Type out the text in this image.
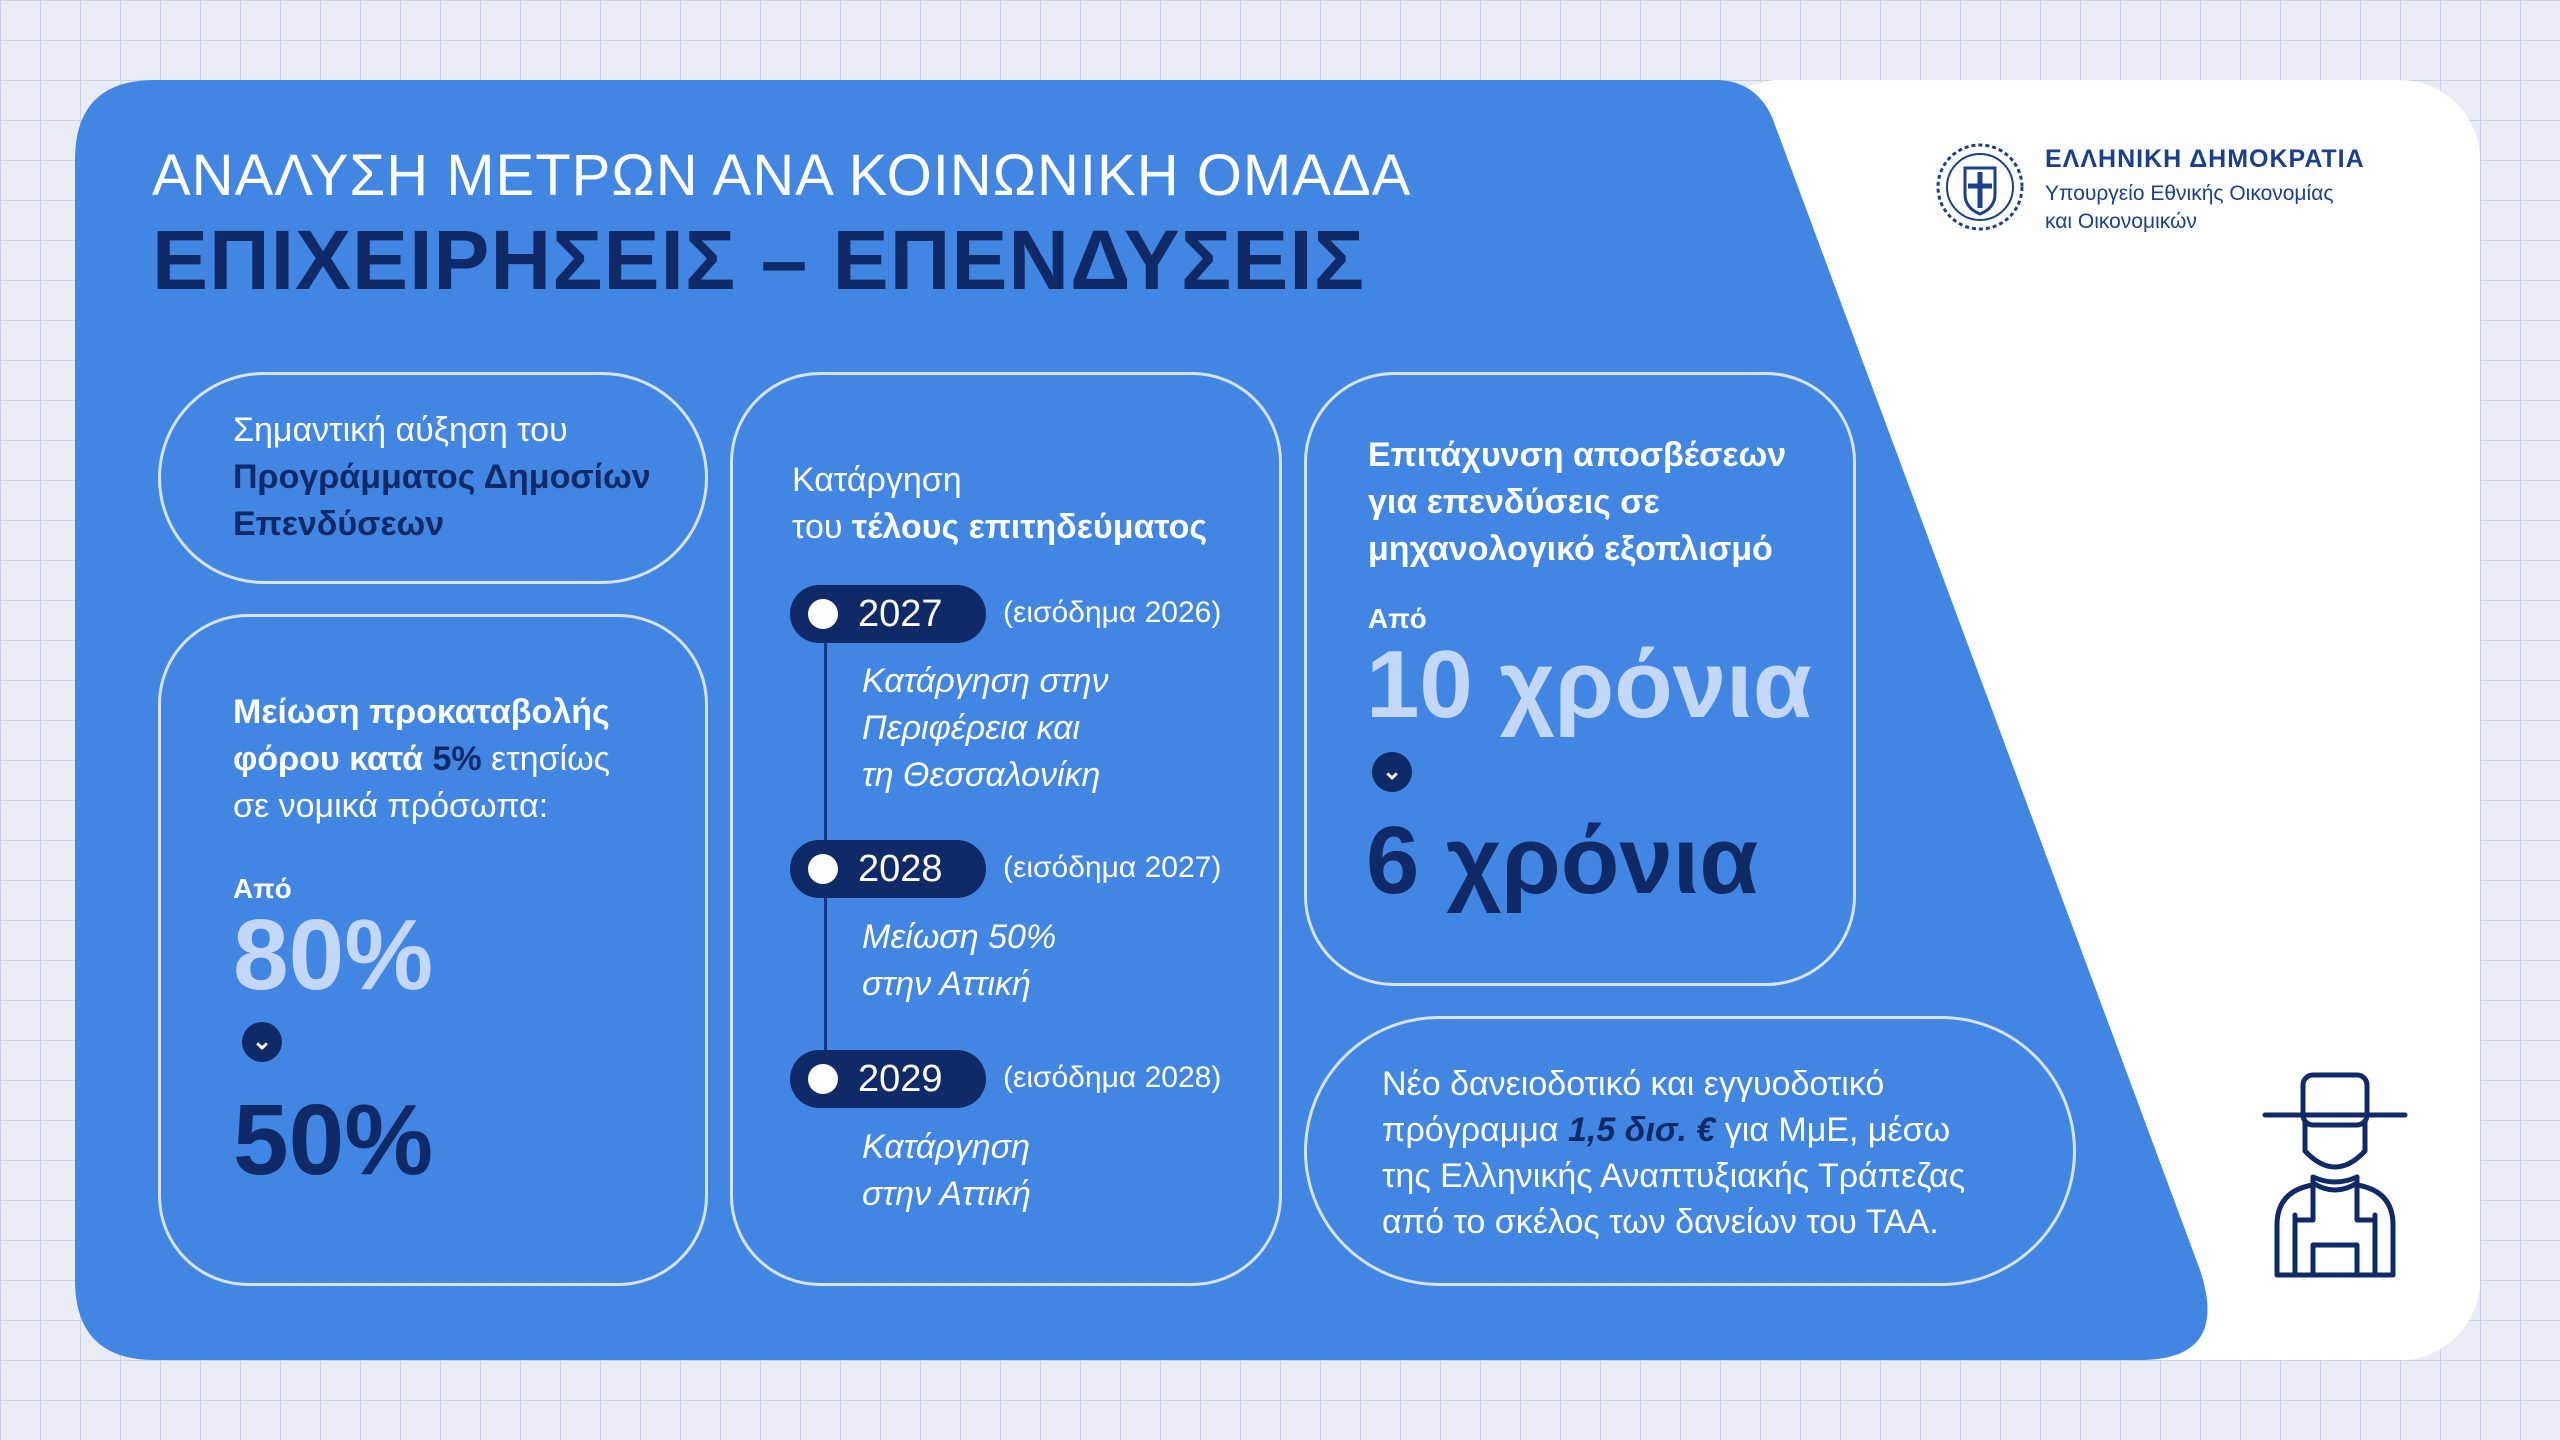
ΑΝΑΛΥΣΗ ΜΕΤΡΩΝ ΑΝΑ ΚΟΙΝΩΝΙΚΗ ΟΜΑΔΑ
ΕΠΙΧΕΙΡΗΣΕΙΣ – ΕΠΕΝΔΥΣΕΙΣ
ΕΛΛΗΝΙΚΗ ΔΗΜΟΚΡΑΤΙΑ
Υπουργείο Εθνικής Οικονομίας
και Οικονομικών
Σημαντική αύξηση του
Προγράμματος Δημοσίων
Επενδύσεων
Μείωση προκαταβολής
φόρου κατά 5% ετησίως
σε νομικά πρόσωπα:
Από
80%
⌄
50%
Κατάργηση
του τέλους επιτηδεύματος
2027 (εισόδημα 2026)
Κατάργηση στην
Περιφέρεια και
τη Θεσσαλονίκη
2028 (εισόδημα 2027)
Μείωση 50%
στην Αττική
2029 (εισόδημα 2028)
Κατάργηση
στην Αττική
Επιτάχυνση αποσβέσεων
για επενδύσεις σε
μηχανολογικό εξοπλισμό
Από
10 χρόνια
⌄
6 χρόνια
Νέο δανειοδοτικό και εγγυοδοτικό
πρόγραμμα 1,5 δισ. € για ΜμΕ, μέσω
της Ελληνικής Αναπτυξιακής Τράπεζας
από το σκέλος των δανείων του ΤΑΑ.
